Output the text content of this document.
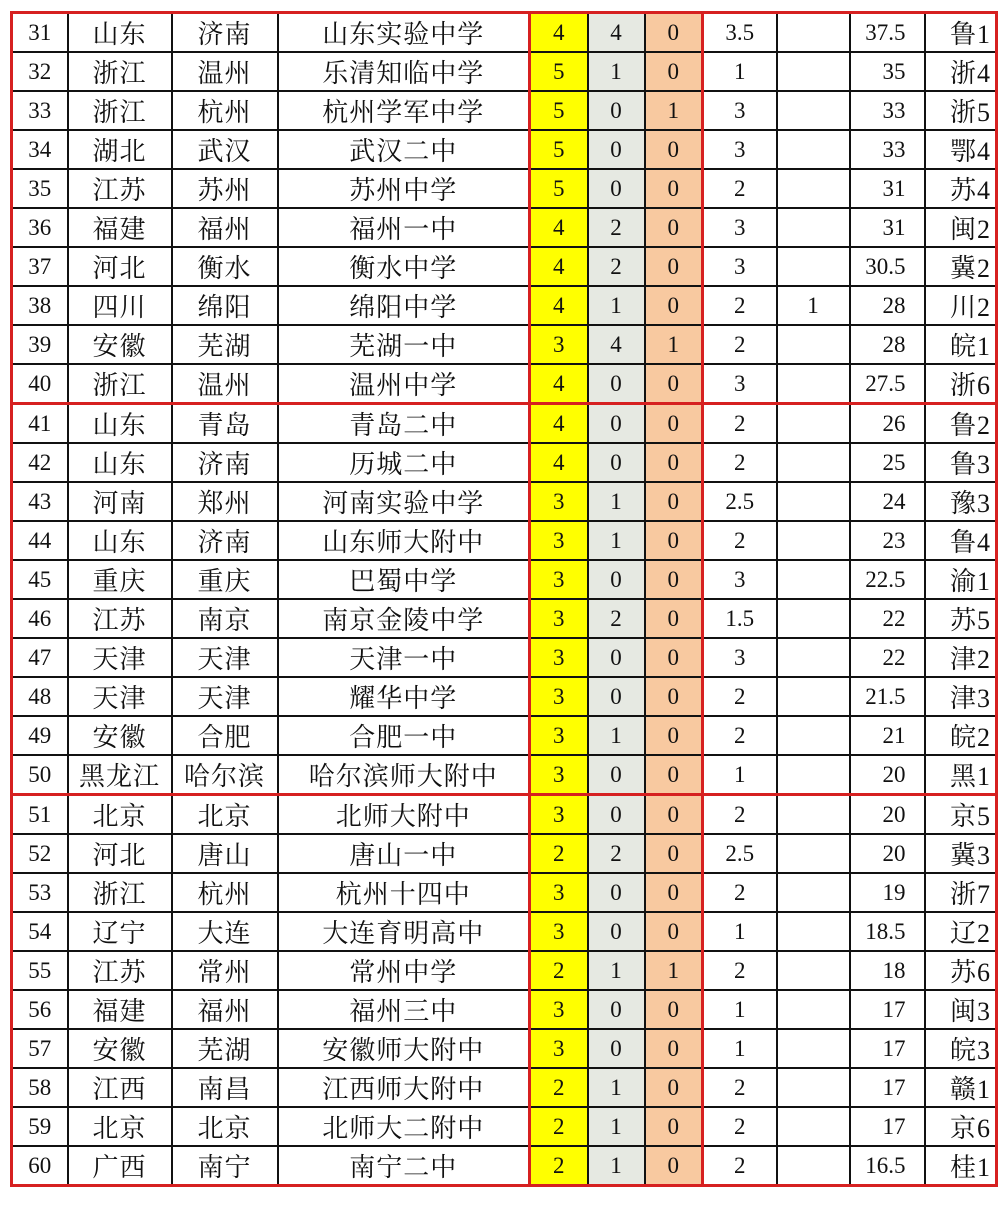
31	山东	济南	山东实验中学	4	4	0	3.5		37.5	鲁1
32	浙江	温州	乐清知临中学	5	1	0	1		35	浙4
33	浙江	杭州	杭州学军中学	5	0	1	3		33	浙5
34	湖北	武汉	武汉二中	5	0	0	3		33	鄂4
35	江苏	苏州	苏州中学	5	0	0	2		31	苏4
36	福建	福州	福州一中	4	2	0	3		31	闽2
37	河北	衡水	衡水中学	4	2	0	3		30.5	冀2
38	四川	绵阳	绵阳中学	4	1	0	2	1	28	川2
39	安徽	芜湖	芜湖一中	3	4	1	2		28	皖1
40	浙江	温州	温州中学	4	0	0	3		27.5	浙6
41	山东	青岛	青岛二中	4	0	0	2		26	鲁2
42	山东	济南	历城二中	4	0	0	2		25	鲁3
43	河南	郑州	河南实验中学	3	1	0	2.5		24	豫3
44	山东	济南	山东师大附中	3	1	0	2		23	鲁4
45	重庆	重庆	巴蜀中学	3	0	0	3		22.5	渝1
46	江苏	南京	南京金陵中学	3	2	0	1.5		22	苏5
47	天津	天津	天津一中	3	0	0	3		22	津2
48	天津	天津	耀华中学	3	0	0	2		21.5	津3
49	安徽	合肥	合肥一中	3	1	0	2		21	皖2
50	黑龙江	哈尔滨	哈尔滨师大附中	3	0	0	1		20	黑1
51	北京	北京	北师大附中	3	0	0	2		20	京5
52	河北	唐山	唐山一中	2	2	0	2.5		20	冀3
53	浙江	杭州	杭州十四中	3	0	0	2		19	浙7
54	辽宁	大连	大连育明高中	3	0	0	1		18.5	辽2
55	江苏	常州	常州中学	2	1	1	2		18	苏6
56	福建	福州	福州三中	3	0	0	1		17	闽3
57	安徽	芜湖	安徽师大附中	3	0	0	1		17	皖3
58	江西	南昌	江西师大附中	2	1	0	2		17	赣1
59	北京	北京	北师大二附中	2	1	0	2		17	京6
60	广西	南宁	南宁二中	2	1	0	2		16.5	桂1
